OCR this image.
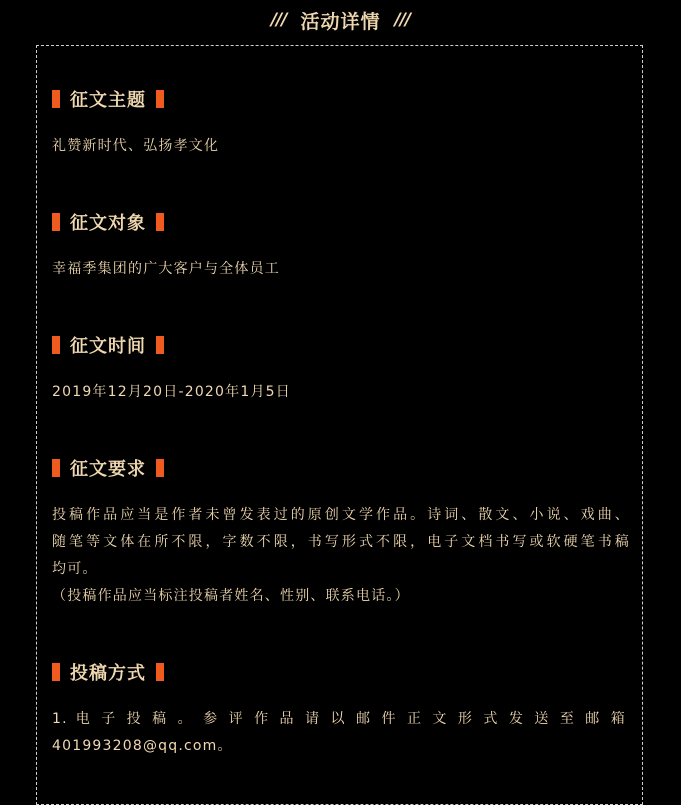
/// 活动详情 ///
征文主题
礼赞新时代、弘扬孝文化
征文对象
幸福季集团的广大客户与全体员工
征文时间
2019年12月20日-2020年1月5日
征文要求
投稿作品应当是作者未曾发表过的原创文学作品。诗词、散文、小说、戏曲、
随笔等文体在所不限，字数不限，书写形式不限，电子文档书写或软硬笔书稿
均可。
（投稿作品应当标注投稿者姓名、性别、联系电话。）
投稿方式
1. 电 子 投 稿 。 参 评 作 品 请 以 邮 件 正 文 形 式 发 送 至 邮 箱
401993208@qq.com。
